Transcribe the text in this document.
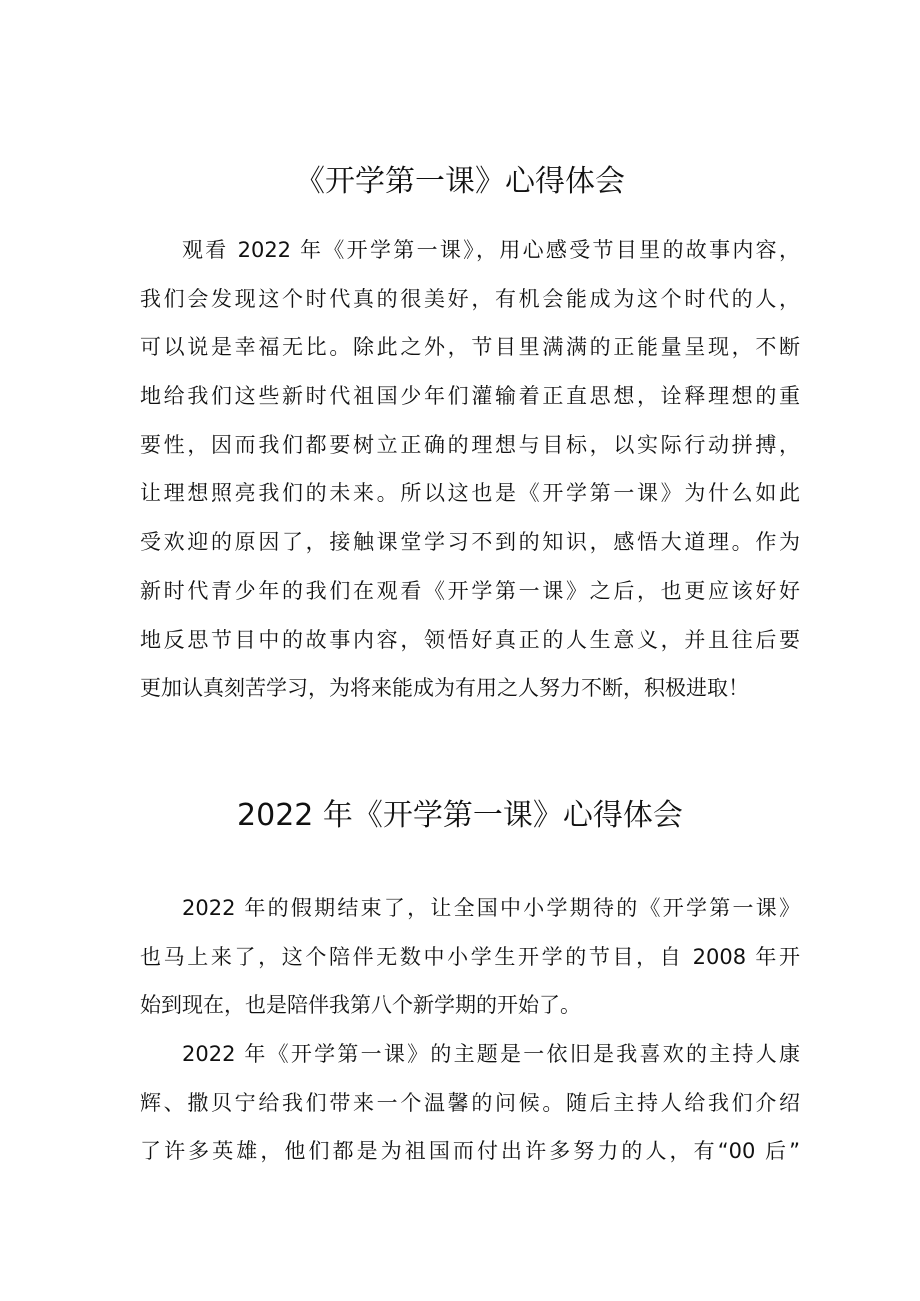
《开学第一课》心得体会
观看 2022 年《开学第一课》，用心感受节目里的故事内容，
我们会发现这个时代真的很美好，有机会能成为这个时代的人，
可以说是幸福无比。除此之外，节目里满满的正能量呈现，不断
地给我们这些新时代祖国少年们灌输着正直思想，诠释理想的重
要性，因而我们都要树立正确的理想与目标，以实际行动拼搏，
让理想照亮我们的未来。所以这也是《开学第一课》为什么如此
受欢迎的原因了，接触课堂学习不到的知识，感悟大道理。作为
新时代青少年的我们在观看《开学第一课》之后，也更应该好好
地反思节目中的故事内容，领悟好真正的人生意义，并且往后要
更加认真刻苦学习，为将来能成为有用之人努力不断，积极进取！
2022 年《开学第一课》心得体会
2022 年的假期结束了，让全国中小学期待的《开学第一课》
也马上来了，这个陪伴无数中小学生开学的节目，自 2008 年开
始到现在，也是陪伴我第八个新学期的开始了。
2022 年《开学第一课》的主题是一依旧是我喜欢的主持人康
辉、撒贝宁给我们带来一个温馨的问候。随后主持人给我们介绍
了许多英雄，他们都是为祖国而付出许多努力的人，有“00 后”
